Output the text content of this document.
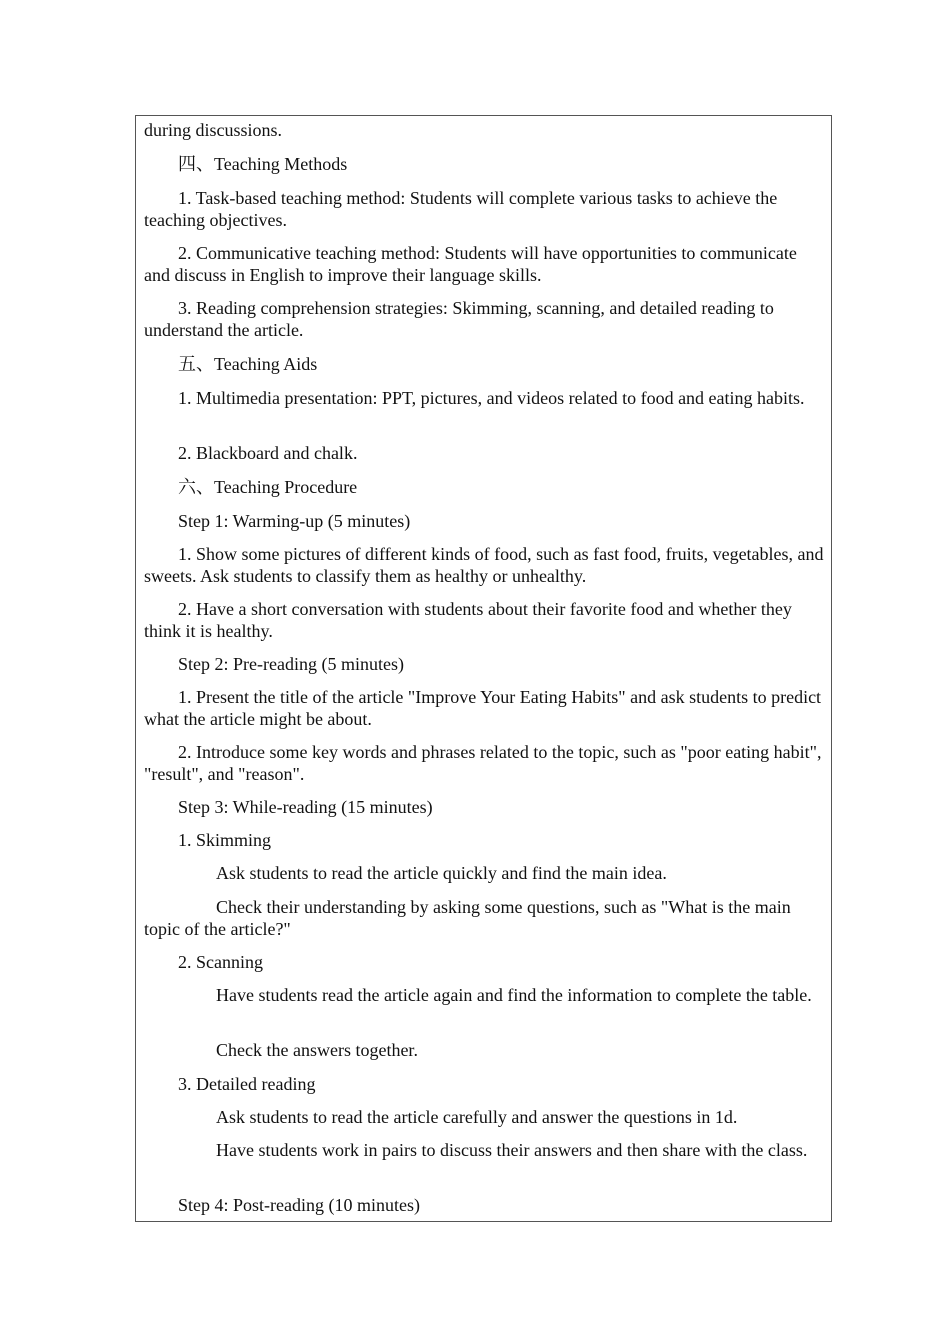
during discussions.
四、Teaching Methods
1. Task-based teaching method: Students will complete various tasks to achieve the teaching objectives.
2. Communicative teaching method: Students will have opportunities to communicate and discuss in English to improve their language skills.
3. Reading comprehension strategies: Skimming, scanning, and detailed reading to understand the article.
五、Teaching Aids
1. Multimedia presentation: PPT, pictures, and videos related to food and eating habits.
2. Blackboard and chalk.
六、Teaching Procedure
Step 1: Warming-up (5 minutes)
1. Show some pictures of different kinds of food, such as fast food, fruits, vegetables, and sweets. Ask students to classify them as healthy or unhealthy.
2. Have a short conversation with students about their favorite food and whether they think it is healthy.
Step 2: Pre-reading (5 minutes)
1. Present the title of the article "Improve Your Eating Habits" and ask students to predict what the article might be about.
2. Introduce some key words and phrases related to the topic, such as "poor eating habit", "result", and "reason".
Step 3: While-reading (15 minutes)
1. Skimming
Ask students to read the article quickly and find the main idea.
Check their understanding by asking some questions, such as "What is the main topic of the article?"
2. Scanning
Have students read the article again and find the information to complete the table.
Check the answers together.
3. Detailed reading
Ask students to read the article carefully and answer the questions in 1d.
Have students work in pairs to discuss their answers and then share with the class.
Step 4: Post-reading (10 minutes)
